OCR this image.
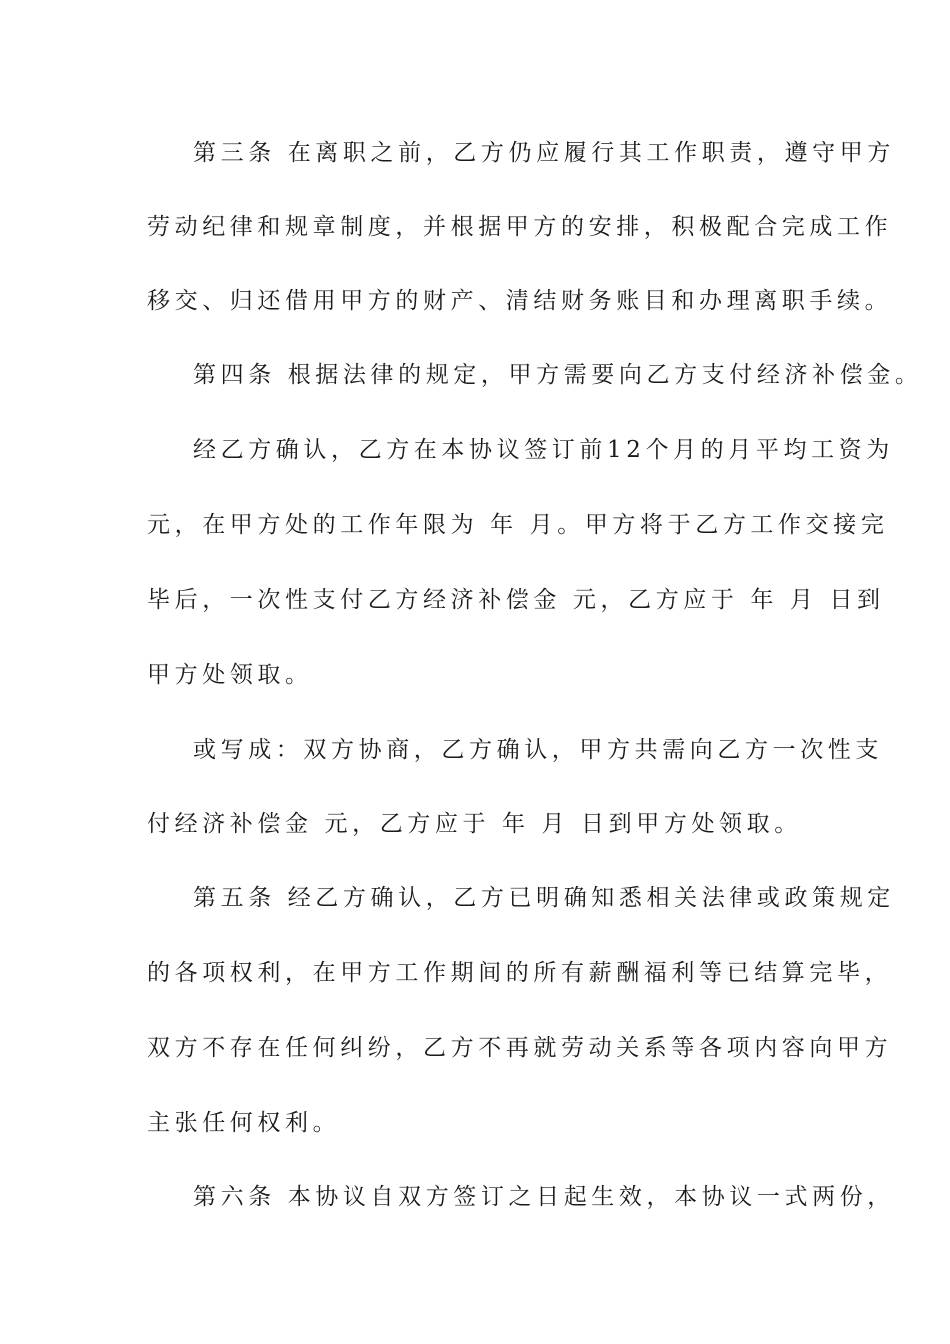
第三条 在离职之前，乙方仍应履行其工作职责，遵守甲方
劳动纪律和规章制度，并根据甲方的安排，积极配合完成工作
移交、归还借用甲方的财产、清结财务账目和办理离职手续。
第四条 根据法律的规定，甲方需要向乙方支付经济补偿金。
经乙方确认，乙方在本协议签订前12个月的月平均工资为
元，在甲方处的工作年限为 年 月。甲方将于乙方工作交接完
毕后，一次性支付乙方经济补偿金 元，乙方应于 年 月 日到
甲方处领取。
或写成：双方协商，乙方确认，甲方共需向乙方一次性支
付经济补偿金 元，乙方应于 年 月 日到甲方处领取。
第五条 经乙方确认，乙方已明确知悉相关法律或政策规定
的各项权利，在甲方工作期间的所有薪酬福利等已结算完毕，
双方不存在任何纠纷，乙方不再就劳动关系等各项内容向甲方
主张任何权利。
第六条 本协议自双方签订之日起生效，本协议一式两份，
